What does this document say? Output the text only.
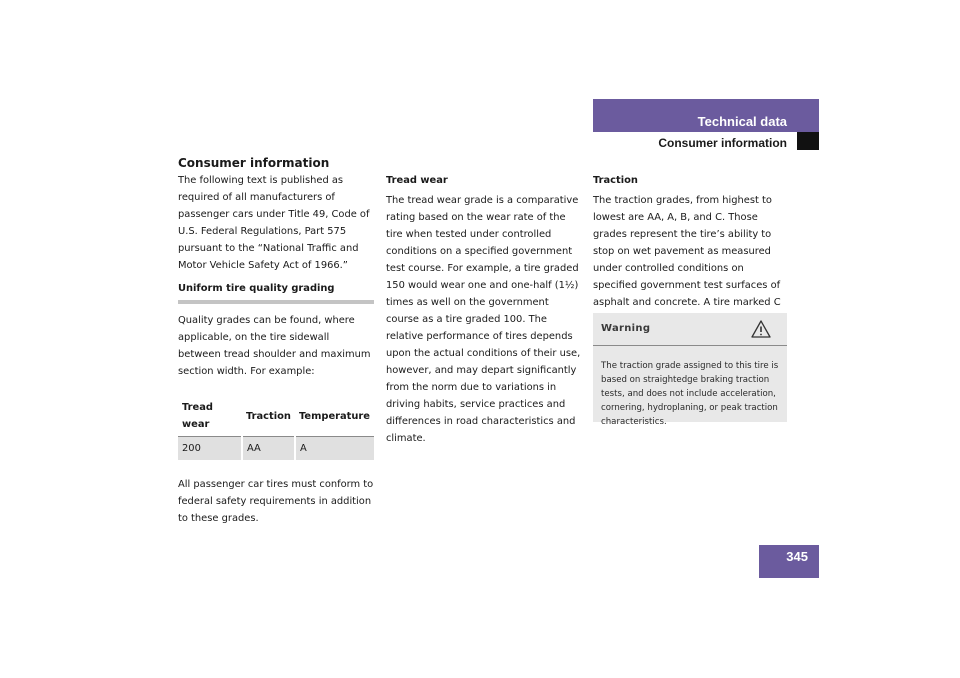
Technical data

Consumer information

Consumer information

The following text is published as required of all manufacturers of passenger cars under Title 49, Code of U.S. Federal Regulations, Part 575 pursuant to the “National Traffic and Motor Vehicle Safety Act of 1966.”

Uniform tire quality grading

Quality grades can be found, where applicable, on the tire sidewall between tread shoulder and maximum section width. For example:

Tread wear	Traction	Temperature
200	AA	A

All passenger car tires must conform to federal safety requirements in addition to these grades.

Tread wear

The tread wear grade is a comparative rating based on the wear rate of the tire when tested under controlled conditions on a specified government test course. For example, a tire graded 150 would wear one and one-half (1½) times as well on the government course as a tire graded 100. The relative performance of tires depends upon the actual conditions of their use, however, and may depart significantly from the norm due to variations in driving habits, service practices and differences in road characteristics and climate.

Traction

The traction grades, from highest to lowest are AA, A, B, and C. Those grades represent the tire’s ability to stop on wet pavement as measured under controlled conditions on specified government test surfaces of asphalt and concrete. A tire marked C

Warning

The traction grade assigned to this tire is based on straightedge braking traction tests, and does not include acceleration, cornering, hydroplaning, or peak traction characteristics.

345
